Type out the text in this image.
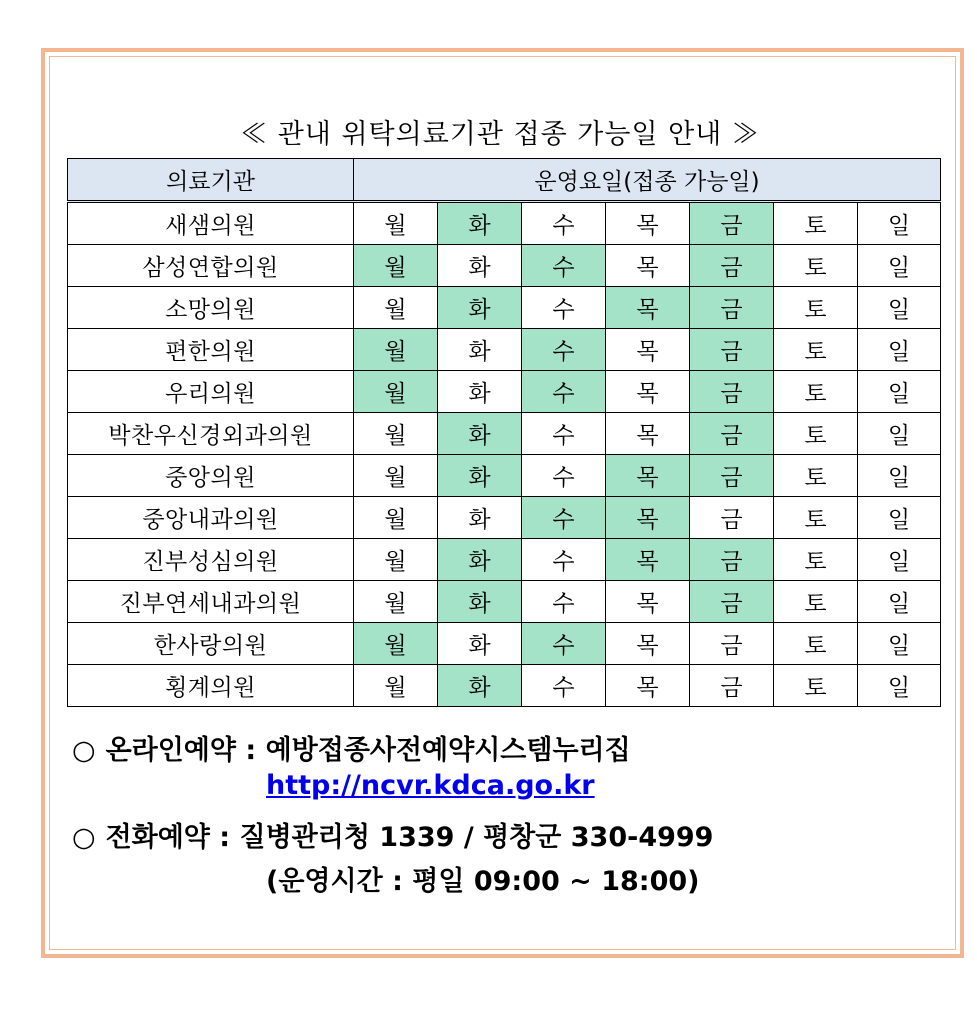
≪ 관내 위탁의료기관 접종 가능일 안내 ≫
의료기관	운영요일(접종 가능일)						
새샘의원	월	화	수	목	금	토	일
삼성연합의원	월	화	수	목	금	토	일
소망의원	월	화	수	목	금	토	일
편한의원	월	화	수	목	금	토	일
우리의원	월	화	수	목	금	토	일
박찬우신경외과의원	월	화	수	목	금	토	일
중앙의원	월	화	수	목	금	토	일
중앙내과의원	월	화	수	목	금	토	일
진부성심의원	월	화	수	목	금	토	일
진부연세내과의원	월	화	수	목	금	토	일
한사랑의원	월	화	수	목	금	토	일
횡계의원	월	화	수	목	금	토	일
○ 온라인예약 : 예방접종사전예약시스템누리집
http://ncvr.kdca.go.kr
○ 전화예약 : 질병관리청 1339 / 평창군 330-4999
(운영시간 : 평일 09:00 ~ 18:00)
